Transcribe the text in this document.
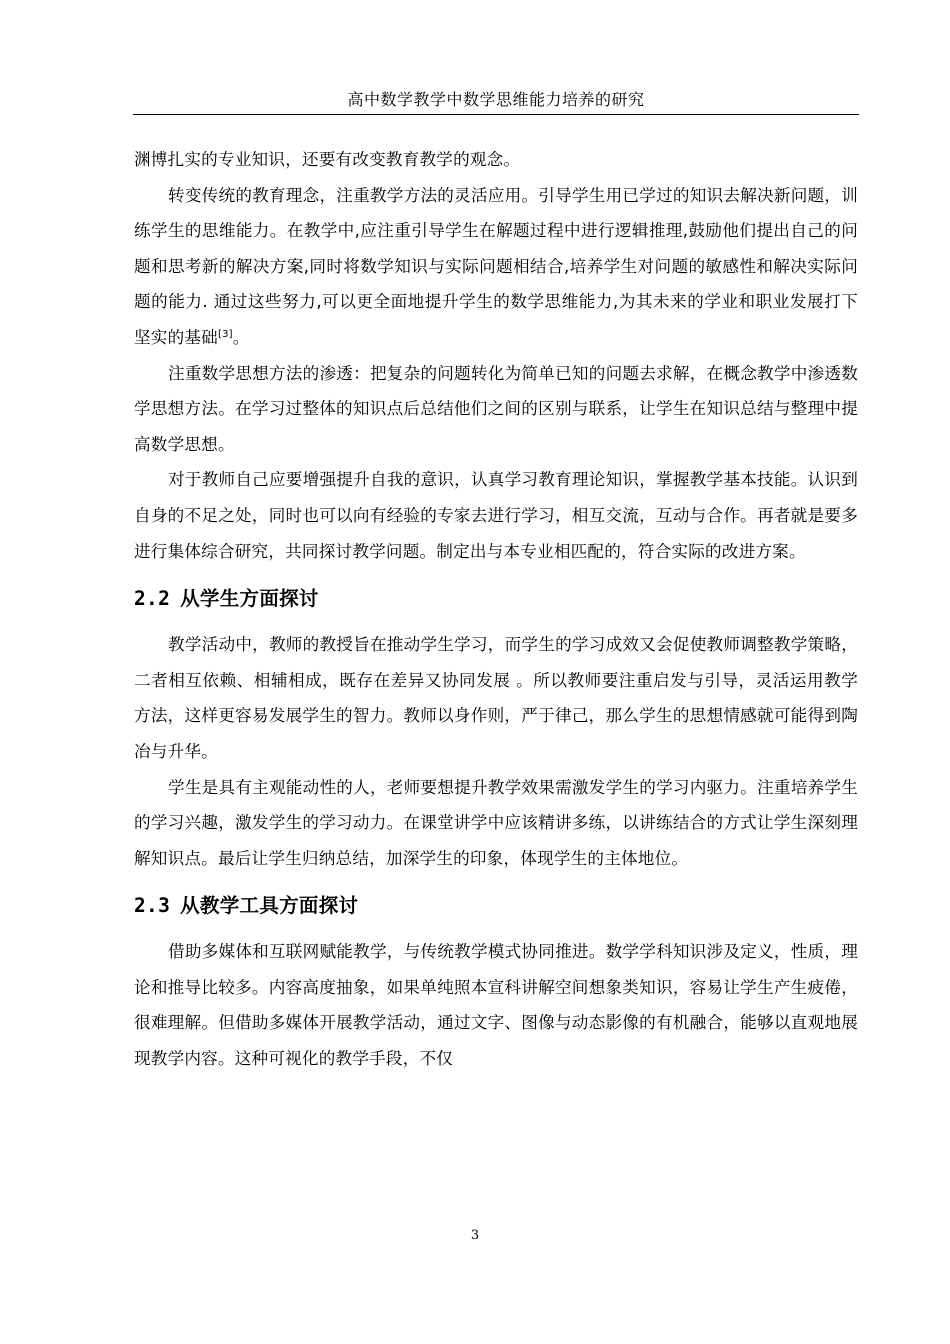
高中数学教学中数学思维能力培养的研究

渊博扎实的专业知识，还要有改变教育教学的观念。

转变传统的教育理念，注重教学方法的灵活应用。引导学生用已学过的知识去解决新问题，训练学生的思维能力。在教学中,应注重引导学生在解题过程中进行逻辑推理,鼓励他们提出自己的问题和思考新的解决方案,同时将数学知识与实际问题相结合,培养学生对问题的敏感性和解决实际问题的能力. 通过这些努力,可以更全面地提升学生的数学思维能力,为其未来的学业和职业发展打下坚实的基础[3]。

注重数学思想方法的渗透：把复杂的问题转化为简单已知的问题去求解，在概念教学中渗透数学思想方法。在学习过整体的知识点后总结他们之间的区别与联系，让学生在知识总结与整理中提高数学思想。

对于教师自己应要增强提升自我的意识，认真学习教育理论知识，掌握教学基本技能。认识到自身的不足之处，同时也可以向有经验的专家去进行学习，相互交流，互动与合作。再者就是要多进行集体综合研究，共同探讨教学问题。制定出与本专业相匹配的，符合实际的改进方案。

2.2 从学生方面探讨

教学活动中，教师的教授旨在推动学生学习，而学生的学习成效又会促使教师调整教学策略，二者相互依赖、相辅相成，既存在差异又协同发展 。所以教师要注重启发与引导，灵活运用教学方法，这样更容易发展学生的智力。教师以身作则，严于律己，那么学生的思想情感就可能得到陶冶与升华。

学生是具有主观能动性的人，老师要想提升教学效果需激发学生的学习内驱力。注重培养学生的学习兴趣，激发学生的学习动力。在课堂讲学中应该精讲多练，以讲练结合的方式让学生深刻理解知识点。最后让学生归纳总结，加深学生的印象，体现学生的主体地位。

2.3 从教学工具方面探讨

借助多媒体和互联网赋能教学，与传统教学模式协同推进。数学学科知识涉及定义，性质，理论和推导比较多。内容高度抽象，如果单纯照本宣科讲解空间想象类知识，容易让学生产生疲倦，很难理解。但借助多媒体开展教学活动，通过文字、图像与动态影像的有机融合，能够以直观地展现教学内容。这种可视化的教学手段，不仅

3
